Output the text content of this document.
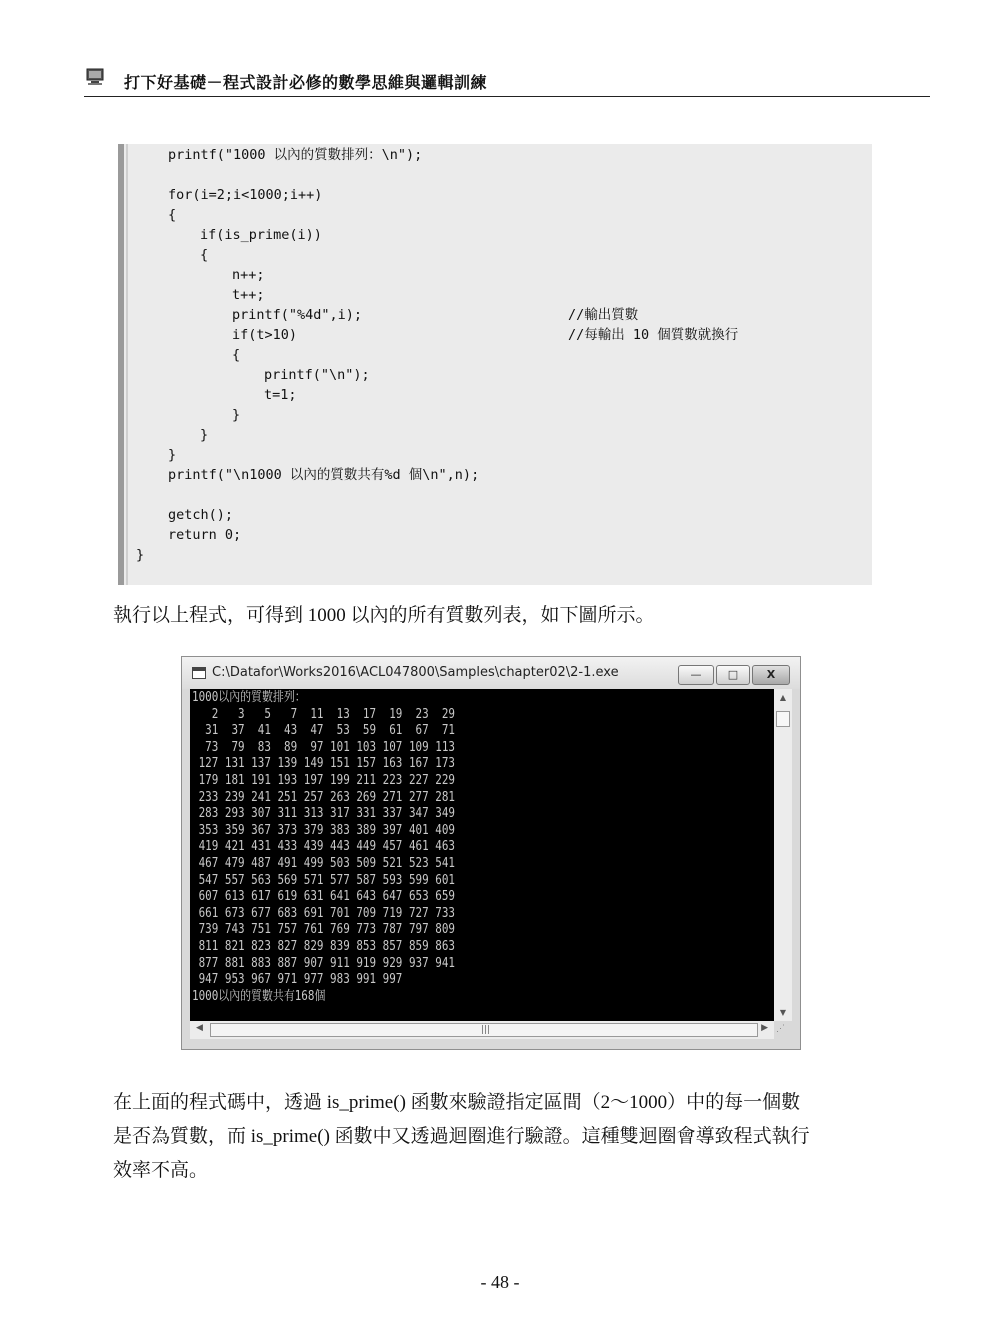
打下好基礎－程式設計必修的數學思維與邏輯訓練
printf("1000 以內的質數排列：\n");
for(i=2;i<1000;i++)
{
if(is_prime(i))
{
n++;
t++;
printf("%4d",i);	//輸出質數
if(t>10)	//每輸出 10 個質數就換行
{
printf("\n");
t=1;
}
}
}
printf("\n1000 以內的質數共有%d 個\n",n);
getch();
return 0;
}
執行以上程式，可得到 1000 以內的所有質數列表，如下圖所示。
C:\Datafor\Works2016\ACL047800\Samples\chapter02\2-1.exe	—	□	X
1000以內的質數排列：
2   3   5   7  11  13  17  19  23  29
31  37  41  43  47  53  59  61  67  71
73  79  83  89  97 101 103 107 109 113
127 131 137 139 149 151 157 163 167 173
179 181 191 193 197 199 211 223 227 229
233 239 241 251 257 263 269 271 277 281
283 293 307 311 313 317 331 337 347 349
353 359 367 373 379 383 389 397 401 409
419 421 431 433 439 443 449 457 461 463
467 479 487 491 499 503 509 521 523 541
547 557 563 569 571 577 587 593 599 601
607 613 617 619 631 641 643 647 653 659
661 673 677 683 691 701 709 719 727 733
739 743 751 757 761 769 773 787 797 809
811 821 823 827 829 839 853 857 859 863
877 881 883 887 907 911 919 929 937 941
947 953 967 971 977 983 991 997
1000以內的質數共有168個
▲
▼
◀	|||	▶ ⋰
在上面的程式碼中，透過 is_prime() 函數來驗證指定區間（2～1000）中的每一個數
是否為質數，而 is_prime() 函數中又透過迴圈進行驗證。這種雙迴圈會導致程式執行
效率不高。
- 48 -
